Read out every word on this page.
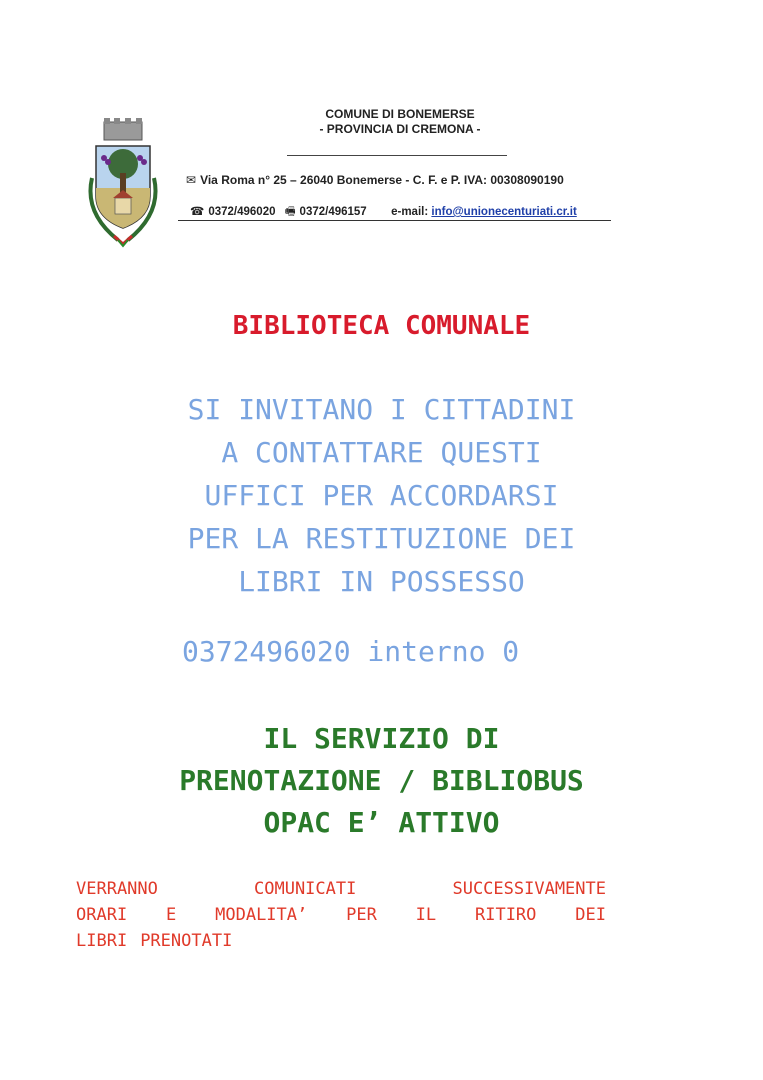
COMUNE DI BONEMERSE
- PROVINCIA DI CREMONA -
✉ Via Roma n° 25 – 26040 Bonemerse - C. F. e P. IVA: 00308090190
☎ 0372/496020 🖷 0372/496157 e-mail: info@unionecenturiati.cr.it
BIBLIOTECA COMUNALE
SI INVITANO I CITTADINI
A CONTATTARE QUESTI
UFFICI PER ACCORDARSI
PER LA RESTITUZIONE DEI
LIBRI IN POSSESSO
0372496020 interno 0
IL SERVIZIO DI
PRENOTAZIONE / BIBLIOBUS
OPAC E’ ATTIVO
VERRANNO	COMUNICATI	SUCCESSIVAMENTE
ORARI E MODALITA’ PER IL RITIRO DEI
LIBRI PRENOTATI
